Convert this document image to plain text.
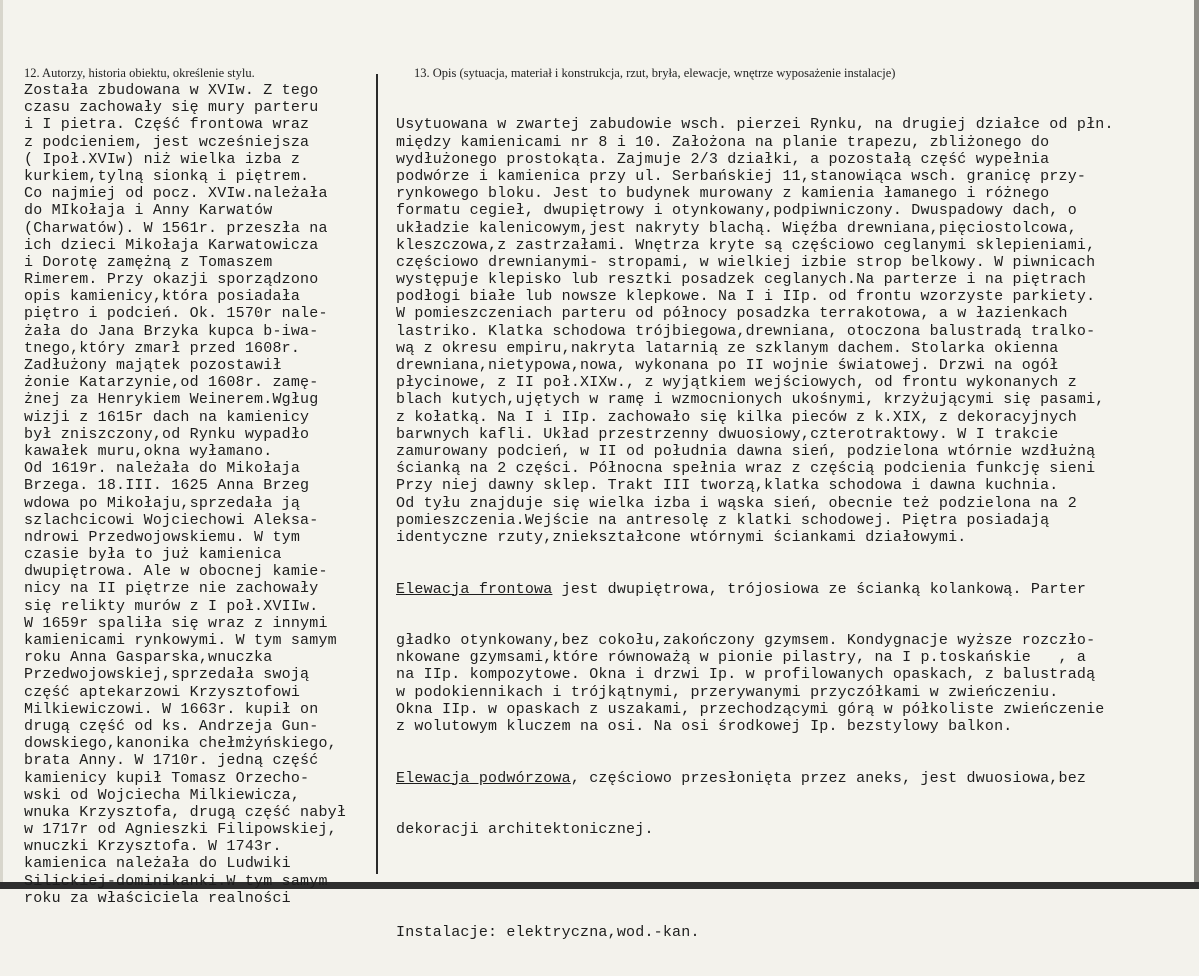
12. Autorzy, historia obiektu, określenie stylu.	13. Opis (sytuacja, materiał i konstrukcja, rzut, bryła, elewacje, wnętrze wyposażenie instalacje)
Została zbudowana w XVIw. Z tego
czasu zachowały się mury parteru
i I pietra. Część frontowa wraz
z podcieniem, jest wcześniejsza
( Ipoł.XVIw) niż wielka izba z
kurkiem,tylną sionką i piętrem.
Co najmiej od pocz. XVIw.należała
do MIkołaja i Anny Karwatów
(Charwatów). W 1561r. przeszła na
ich dzieci Mikołaja Karwatowicza
i Dorotę zamężną z Tomaszem
Rimerem. Przy okazji sporządzono
opis kamienicy,która posiadała
piętro i podcień. Ok. 1570r nale-
żała do Jana Brzyka kupca b-iwa-
tnego,który zmarł przed 1608r.
Zadłużony majątek pozostawił
żonie Katarzynie,od 1608r. zamę-
żnej za Henrykiem Weinerem.Wgług
wizji z 1615r dach na kamienicy
był zniszczony,od Rynku wypadło
kawałek muru,okna wyłamano.
Od 1619r. należała do Mikołaja
Brzega. 18.III. 1625 Anna Brzeg
wdowa po Mikołaju,sprzedała ją
szlachcicowi Wojciechowi Aleksa-
ndrowi Przedwojowskiemu. W tym
czasie była to już kamienica
dwupiętrowa. Ale w obocnej kamie-
nicy na II piętrze nie zachowały
się relikty murów z I poł.XVIIw.
W 1659r spaliła się wraz z innymi
kamienicami rynkowymi. W tym samym
roku Anna Gasparska,wnuczka
Przedwojowskiej,sprzedała swoją
część aptekarzowi Krzysztofowi
Milkiewiczowi. W 1663r. kupił on
drugą część od ks. Andrzeja Gun-
dowskiego,kanonika chełmżyńskiego,
brata Anny. W 1710r. jedną część
kamienicy kupił Tomasz Orzecho-
wski od Wojciecha Milkiewicza,
wnuka Krzysztofa, drugą część nabył
w 1717r od Agnieszki Filipowskiej,
wnuczki Krzysztofa. W 1743r.
kamienica należała do Ludwiki
Silickiej-dominikanki.W tym samym
roku za właściciela realności

Usytuowana w zwartej zabudowie wsch. pierzei Rynku, na drugiej działce od płn.
między kamienicami nr 8 i 10. Założona na planie trapezu, zbliżonego do
wydłużonego prostokąta. Zajmuje 2/3 działki, a pozostałą część wypełnia
podwórze i kamienica przy ul. Serbańskiej 11,stanowiąca wsch. granicę przy-
rynkowego bloku. Jest to budynek murowany z kamienia łamanego i różnego
formatu cegieł, dwupiętrowy i otynkowany,podpiwniczony. Dwuspadowy dach, o
układzie kalenicowym,jest nakryty blachą. Więźba drewniana,pięciostolcowa,
kleszczowa,z zastrzałami. Wnętrza kryte są częściowo ceglanymi sklepieniami,
częściowo drewnianymi- stropami, w wielkiej izbie strop belkowy. W piwnicach
występuje klepisko lub resztki posadzek ceglanych.Na parterze i na piętrach
podłogi białe lub nowsze klepkowe. Na I i IIp. od frontu wzorzyste parkiety.
W pomieszczeniach parteru od północy posadzka terrakotowa, a w łazienkach
lastriko. Klatka schodowa trójbiegowa,drewniana, otoczona balustradą tralko-
wą z okresu empiru,nakryta latarnią ze szklanym dachem. Stolarka okienna
drewniana,nietypowa,nowa, wykonana po II wojnie światowej. Drzwi na ogół
płycinowe, z II poł.XIXw., z wyjątkiem wejściowych, od frontu wykonanych z
blach kutych,ujętych w ramę i wzmocnionych ukośnymi, krzyżującymi się pasami,
z kołatką. Na I i IIp. zachowało się kilka pieców z k.XIX, z dekoracyjnych
barwnych kafli. Układ przestrzenny dwuosiowy,czterotraktowy. W I trakcie
zamurowany podcień, w II od południa dawna sień, podzielona wtórnie wzdłużną
ścianką na 2 części. Północna spełnia wraz z częścią podcienia funkcję sieni
Przy niej dawny sklep. Trakt III tworzą,klatka schodowa i dawna kuchnia.
Od tyłu znajduje się wielka izba i wąska sień, obecnie też podzielona na 2
pomieszczenia.Wejście na antresolę z klatki schodowej. Piętra posiadają
identyczne rzuty,zniekształcone wtórnymi ściankami działowymi.

Elewacja frontowa jest dwupiętrowa, trójosiowa ze ścianką kolankową. Parter

gładko otynkowany,bez cokołu,zakończony gzymsem. Kondygnacje wyższe rozczło-
nkowane gzymsami,które równoważą w pionie pilastry, na I p.toskańskie   , a
na IIp. kompozytowe. Okna i drzwi Ip. w profilowanych opaskach, z balustradą
w podokiennikach i trójkątnymi, przerywanymi przyczółkami w zwieńczeniu.
Okna IIp. w opaskach z uszakami, przechodzącymi górą w półkoliste zwieńczenie
z wolutowym kluczem na osi. Na osi środkowej Ip. bezstylowy balkon.

Elewacja podwórzowa, częściowo przesłonięta przez aneks, jest dwuosiowa,bez

dekoracji architektonicznej.

Instalacje: elektryczna,wod.-kan.
